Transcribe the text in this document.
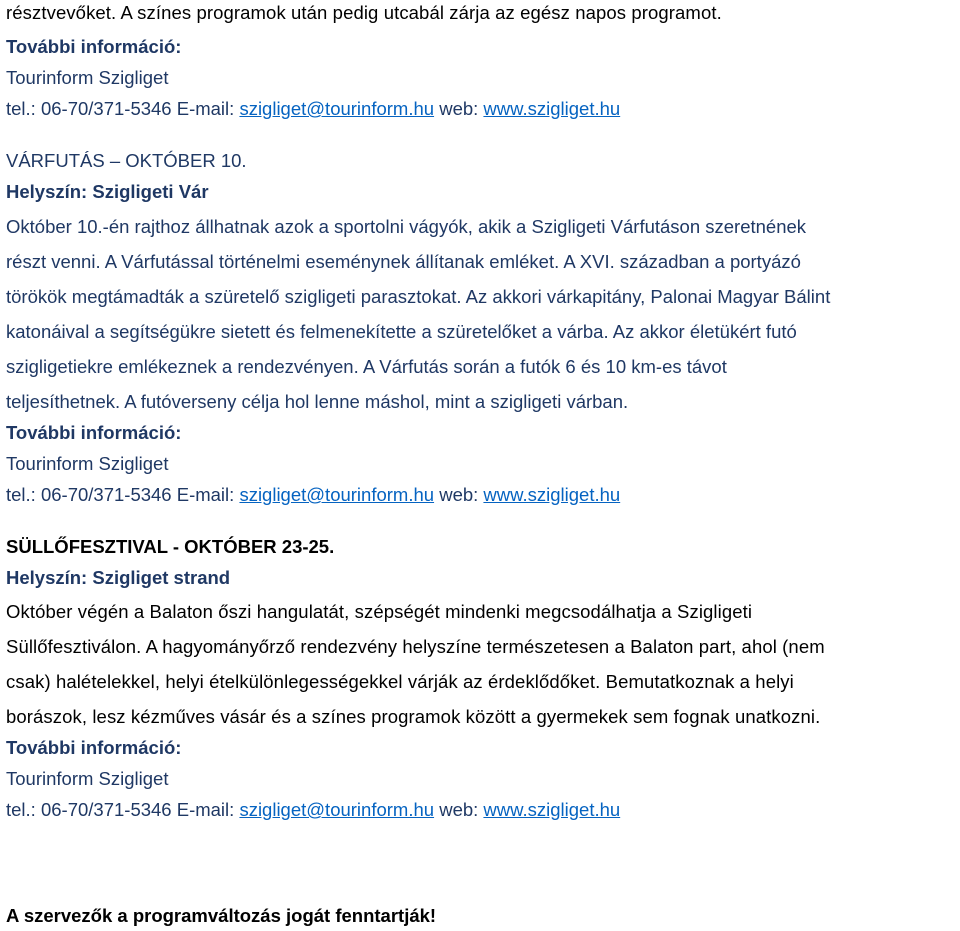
résztvevőket. A színes programok után pedig utcabál zárja az egész napos programot.
További információ:
Tourinform Szigliget
tel.: 06-70/371-5346 E-mail: szigliget@tourinform.hu web: www.szigliget.hu
VÁRFUTÁS – OKTÓBER 10.
Helyszín: Szigligeti Vár
Október 10.-én rajthoz állhatnak azok a sportolni vágyók, akik a Szigligeti Várfutáson szeretnének
részt venni. A Várfutással történelmi eseménynek állítanak emléket. A XVI. században a portyázó
törökök megtámadták a szüretelő szigligeti parasztokat. Az akkori várkapitány, Palonai Magyar Bálint
katonáival a segítségükre sietett és felmenekítette a szüretelőket a várba. Az akkor életükért futó
szigligetiekre emlékeznek a rendezvényen. A Várfutás során a futók 6 és 10 km-es távot
teljesíthetnek. A futóverseny célja hol lenne máshol, mint a szigligeti várban.
További információ:
Tourinform Szigliget
tel.: 06-70/371-5346 E-mail: szigliget@tourinform.hu web: www.szigliget.hu
SÜLLŐFESZTIVAL - OKTÓBER 23-25.
Helyszín: Szigliget strand
Október végén a Balaton őszi hangulatát, szépségét mindenki megcsodálhatja a Szigligeti
Süllőfesztiválon. A hagyományőrző rendezvény helyszíne természetesen a Balaton part, ahol (nem
csak) halételekkel, helyi ételkülönlegességekkel várják az érdeklődőket. Bemutatkoznak a helyi
borászok, lesz kézműves vásár és a színes programok között a gyermekek sem fognak unatkozni.
További információ:
Tourinform Szigliget
tel.: 06-70/371-5346 E-mail: szigliget@tourinform.hu web: www.szigliget.hu
A szervezők a programváltozás jogát fenntartják!
